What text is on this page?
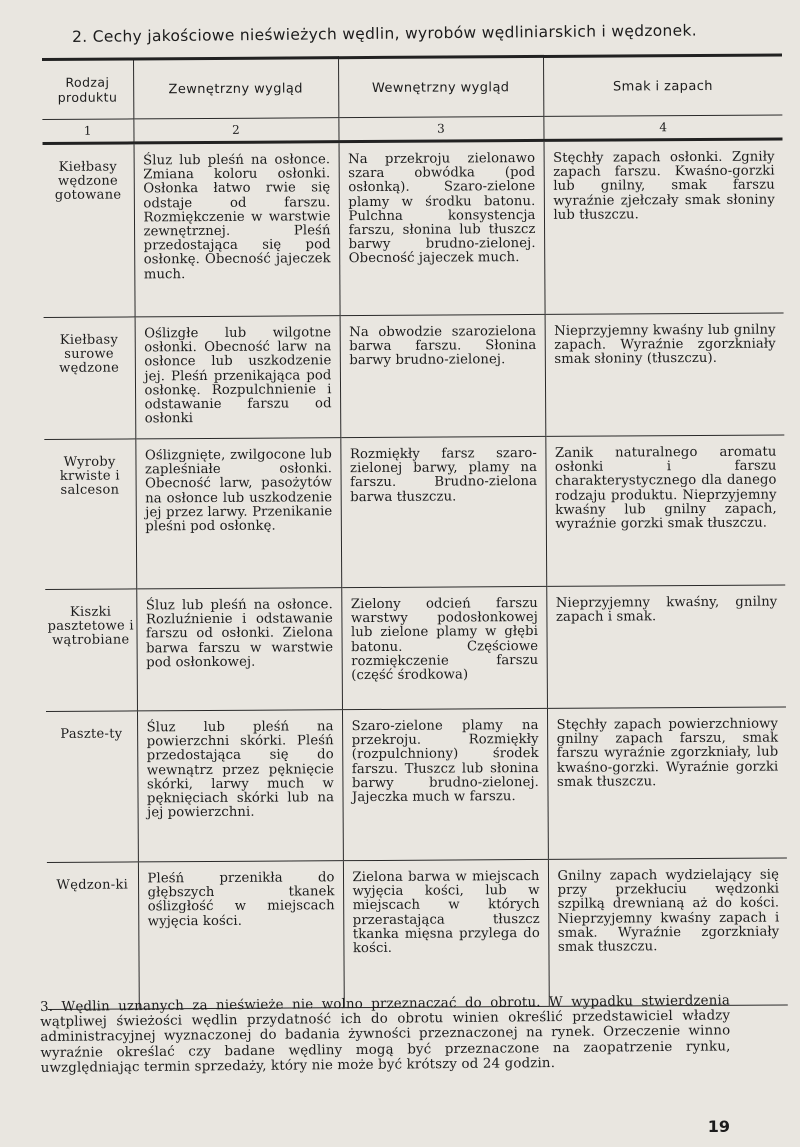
2. Cechy jakościowe nieświeżych wędlin, wyrobów wędliniarskich i wędzonek.
Rodzaj produktu	Zewnętrzny wygląd	Wewnętrzny wygląd	Smak i zapach
1	2	3	4
Kiełbasy wędzone gotowane	Śluz lub pleśń na osłonce. Zmiana koloru osłonki. Osłonka łatwo rwie się odstaje od farszu. Rozmiękczenie w warstwie zewnętrznej. Pleśń przedostająca się pod osłonkę. Obecność jajeczek much.	Na przekroju zielonawo szara obwódka (pod osłonką). Szaro-zielone plamy w środku batonu. Pulchna konsystencja farszu, słonina lub tłuszcz barwy brudno-zielonej. Obecność jajeczek much.	Stęchły zapach osłonki. Zgniły zapach farszu. Kwaśno-gorzki lub gnilny, smak farszu wyraźnie zjełczały smak słoniny lub tłuszczu.
Kiełbasy surowe wędzone	Oślizgłe lub wilgotne osłonki. Obecność larw na osłonce lub uszkodzenie jej. Pleśń przenikająca pod osłonkę. Rozpulchnienie i odstawanie farszu od osłonki	Na obwodzie szarozielona barwa farszu. Słonina barwy brudno-zielonej.	Nieprzyjemny kwaśny lub gnilny zapach. Wyraźnie zgorzkniały smak słoniny (tłuszczu).
Wyroby krwiste i salceson	Oślizgnięte, zwilgocone lub zapleśniałe osłonki. Obecność larw, pasożytów na osłonce lub uszkodzenie jej przez larwy. Przenikanie pleśni pod osłonkę.	Rozmiękły farsz szaro-zielonej barwy, plamy na farszu. Brudno-zielona barwa tłuszczu.	Zanik naturalnego aromatu osłonki i farszu charakterystycznego dla danego rodzaju produktu. Nieprzyjemny kwaśny lub gnilny zapach, wyraźnie gorzki smak tłuszczu.
Kiszki pasztetowe i wątrobiane	Śluz lub pleśń na osłonce. Rozluźnienie i odstawanie farszu od osłonki. Zielona barwa farszu w warstwie pod osłonkowej.	Zielony odcień farszu warstwy podosłonkowej lub zielone plamy w głębi batonu. Częściowe rozmiękczenie farszu (część środkowa)	Nieprzyjemny kwaśny, gnilny zapach i smak.
Paszte-ty	Śluz lub pleśń na powierzchni skórki. Pleśń przedostająca się do wewnątrz przez pęknięcie skórki, larwy much w pęknięciach skórki lub na jej powierzchni.	Szaro-zielone plamy na przekroju. Rozmiękły (rozpulchniony) środek farszu. Tłuszcz lub słonina barwy brudno-zielonej. Jajeczka much w farszu.	Stęchły zapach powierzchniowy gnilny zapach farszu, smak farszu wyraźnie zgorzkniały, lub kwaśno-gorzki. Wyraźnie gorzki smak tłuszczu.
Wędzon-ki	Pleśń przenikła do głębszych tkanek oślizgłość w miejscach wyjęcia kości.	Zielona barwa w miejscach wyjęcia kości, lub w miejscach w których przerastająca tłuszcz tkanka mięsna przylega do kości.	Gnilny zapach wydzielający się przy przekłuciu wędzonki szpilką drewnianą aż do kości. Nieprzyjemny kwaśny zapach i smak. Wyraźnie zgorzkniały smak tłuszczu.
3. Wędlin uznanych za nieświeże nie wolno przeznaczać do obrotu. W wypadku stwierdzenia wątpliwej świeżości wędlin przydatność ich do obrotu winien określić przedstawiciel władzy administracyjnej wyznaczonej do badania żywności przeznaczonej na rynek. Orzeczenie winno wyraźnie określać czy badane wędliny mogą być przeznaczone na zaopatrzenie rynku, uwzględniając termin sprzedaży, który nie może być krótszy od 24 godzin.
19
